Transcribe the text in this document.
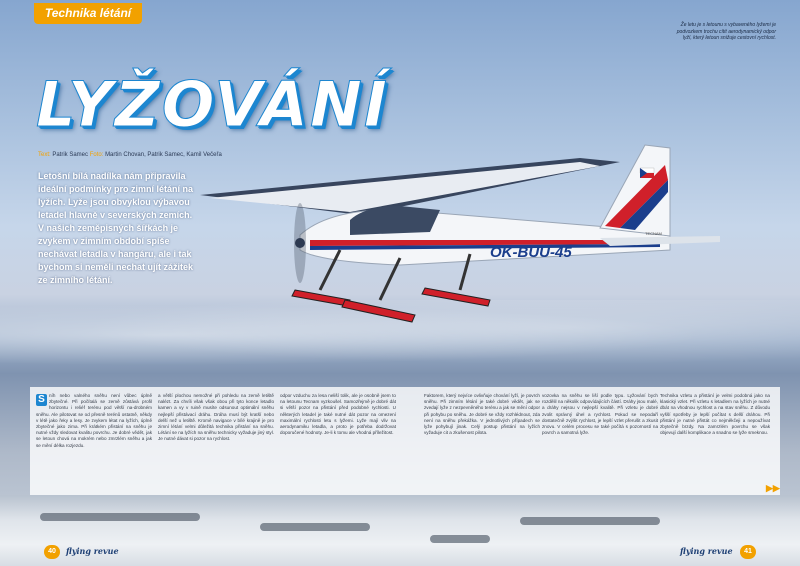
Technika létání
Že letu je s letounu s vybaveného lyžemi je podvozkem trochu cítit aerodynamický odpor lyží, který letoun snižuje cestovní rychlost.
LYŽOVÁNÍ
Text: Patrik Samec Foto: Martin Chovan, Patrik Samec, Kamil Večeřa
Letošní bílá nadílka nám připravila ideální podmínky pro zimní létání na lyžích. Lyže jsou obvyklou výbavou letadel hlavně v severských zemích. V našich zeměpisných šířkách je zvykem v zimním období spíše nechávat letadla v hangáru, ale i tak bychom si neměli nechat ujít zážitek ze zimního létání.
OK-BUU-45
TECNAM
S níh nebo valného sněhu není vůbec úplně zbytečné. Při počítalá se země zůstává profil horizontu i reliéf terénu pod větší na-drobném sněhu. Ale pilotovat se od přesně terénů ostatně, někdy v létě jako řeky a lesy. Je zvykem létat na lyžích, úplně zbytečné jako zima. Při krátkém přistání na sněhu je nutné vždy sledovat kvalitu povrchu. Je dobré vědět, jak se letoun chová na mokrém nebo zmrzlém sněhu a jak se mění délka rozjezdu.
a větší plochou nemožné při pohledu na země letiště nalézt. Za chvíli však však obou při tyto konce letadlo kamen a vy v ruině musíte odsunout optimální sněhu nejlepší přistávací dráhu. Dráha musí být kratší nebo delší než u letiště. Kromě navigace v bílé krajině je pro zimní létání velmi důležitá technika přistání na sněhu. Létání se na lyžích na sněhu technicky vyžaduje jiný styl. Je nutné dávat si pozor na rychlost.
odpor vzduchu za lesa neliší tolik, ale je osobně jsem to na letounu Tecnam vyzkoušel. Samozřejmě je dobré dát si větší pozor na přistání před podobné rychlosti. U některých letadel je také nutné dát pozor na omezení maximální rychlosti letu s lyžemi. Lyže mají vliv na aerodynamiku letadla, a proto je potřeba dodržovat doporučené hodnoty. Je-li k tomu ale vhodná příležitost.
Faktorem, který nejvíce ovlivňuje chování lyží, je povrch sněhu. Při zimním létání je také dobré vědět, jak se zvedají lyže z nezpevněného terénu a jak se mění odpor při pohybu po sněhu. Je dobré se vždy rozhlédnout, zda není na sněhu překážka. V jednotlivých případech se lyže pohybují jinak. Celý postup přistání na lyžích vyžaduje cit a zkušenost pilota.
vozovka na sněhu se liší podle typu. Lyžování bych rozdělil na několik odpovídajících částí. Dráhy jsou malé, a dráhy nejsou v nejlepší kvalitě. Při vzletu je dobré zvolit správný úhel a rychlost. Pokud se nepodaří dostatečně zvýšit rychlost, je lepší vzlet přerušit a zkusit znovu. V celém procesu se také počítá s pozorností na povrch a samotná lyže.
Technika vzletu a přistání je velmi podobná jako na klasický vzlet. Při vzletu s letadlem na lyžích je nutné dbát na vhodnou rychlost a na stav sněhu. Z důvodu vyšší spotřeby je lepší počítat s delší dráhou. Při přistání je nutné přistát co nejměkčeji a nepoužívat zbytečně brzdy. Na zamrzlém povrchu se však objevují další komplikace a snadno se lyže smeknou.
▶▶
40	flying revue	flying revue	41
